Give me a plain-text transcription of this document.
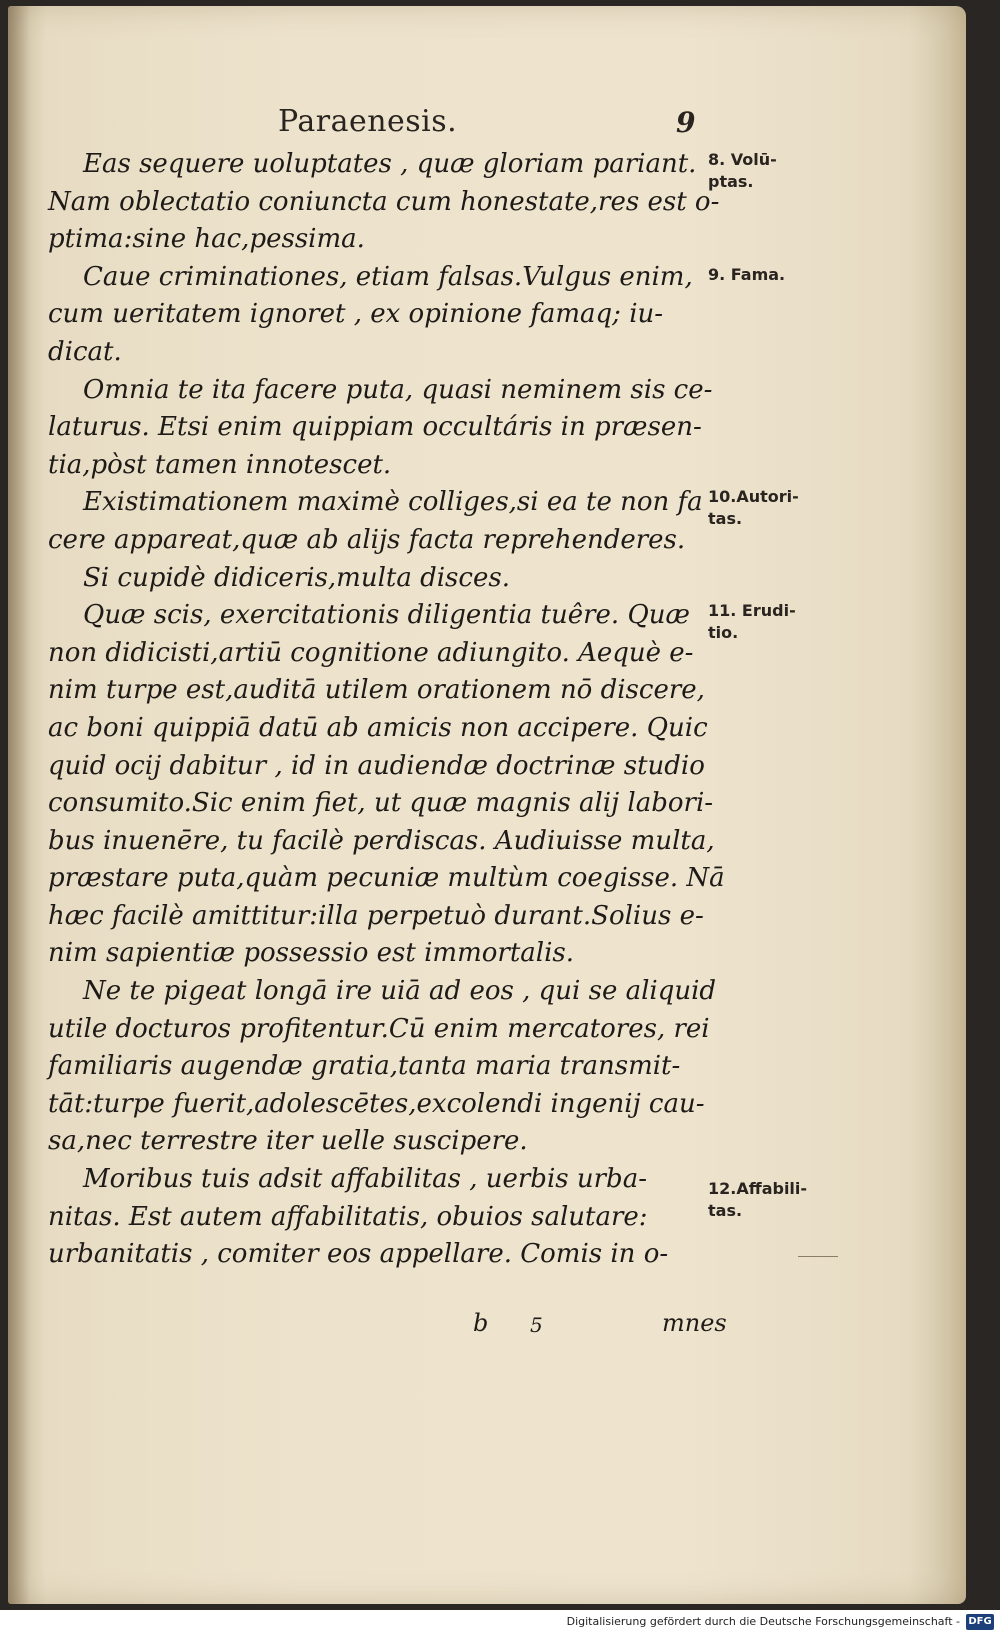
Paraenesis.	9
Eas sequere uoluptates , quæ gloriam pariant.
Nam oblectatio coniuncta cum honestate,res est o-
ptima:sine hac,pessima.
Caue criminationes, etiam falsas.Vulgus enim,
cum ueritatem ignoret , ex opinione famaq; iu-
dicat.
Omnia te ita facere puta, quasi neminem sis ce-
laturus. Etsi enim quippiam occultáris in præsen-
tia,pòst tamen innotescet.
Existimationem maximè colliges,si ea te non fa
cere appareat,quæ ab alijs facta reprehenderes.
Si cupidè didiceris,multa disces.
Quæ scis, exercitationis diligentia tuêre. Quæ
non didicisti,artiū cognitione adiungito. Aequè e-
nim turpe est,auditā utilem orationem nō discere,
ac boni quippiā datū ab amicis non accipere. Quic
quid ocij dabitur , id in audiendæ doctrinæ studio
consumito.Sic enim fiet, ut quæ magnis alij labori-
bus inuenēre, tu facilè perdiscas. Audiuisse multa,
præstare puta,quàm pecuniæ multùm coegisse. Nā
hæc facilè amittitur:illa perpetuò durant.Solius e-
nim sapientiæ possessio est immortalis.
Ne te pigeat longā ire uiā ad eos , qui se aliquid
utile docturos profitentur.Cū enim mercatores, rei
familiaris augendæ gratia,tanta maria transmit-
tāt:turpe fuerit,adolescētes,excolendi ingenij cau-
sa,nec terrestre iter uelle suscipere.
Moribus tuis adsit affabilitas , uerbis urba-
nitas. Est autem affabilitatis, obuios salutare:
urbanitatis , comiter eos appellare. Comis in o-
8. Volū-
ptas.
9. Fama.
10.Autori-
tas.
11. Erudi-
tio.
12.Affabili-
tas.
b 5	mnes
Digitalisierung gefördert durch die Deutsche Forschungsgemeinschaft - DFG
